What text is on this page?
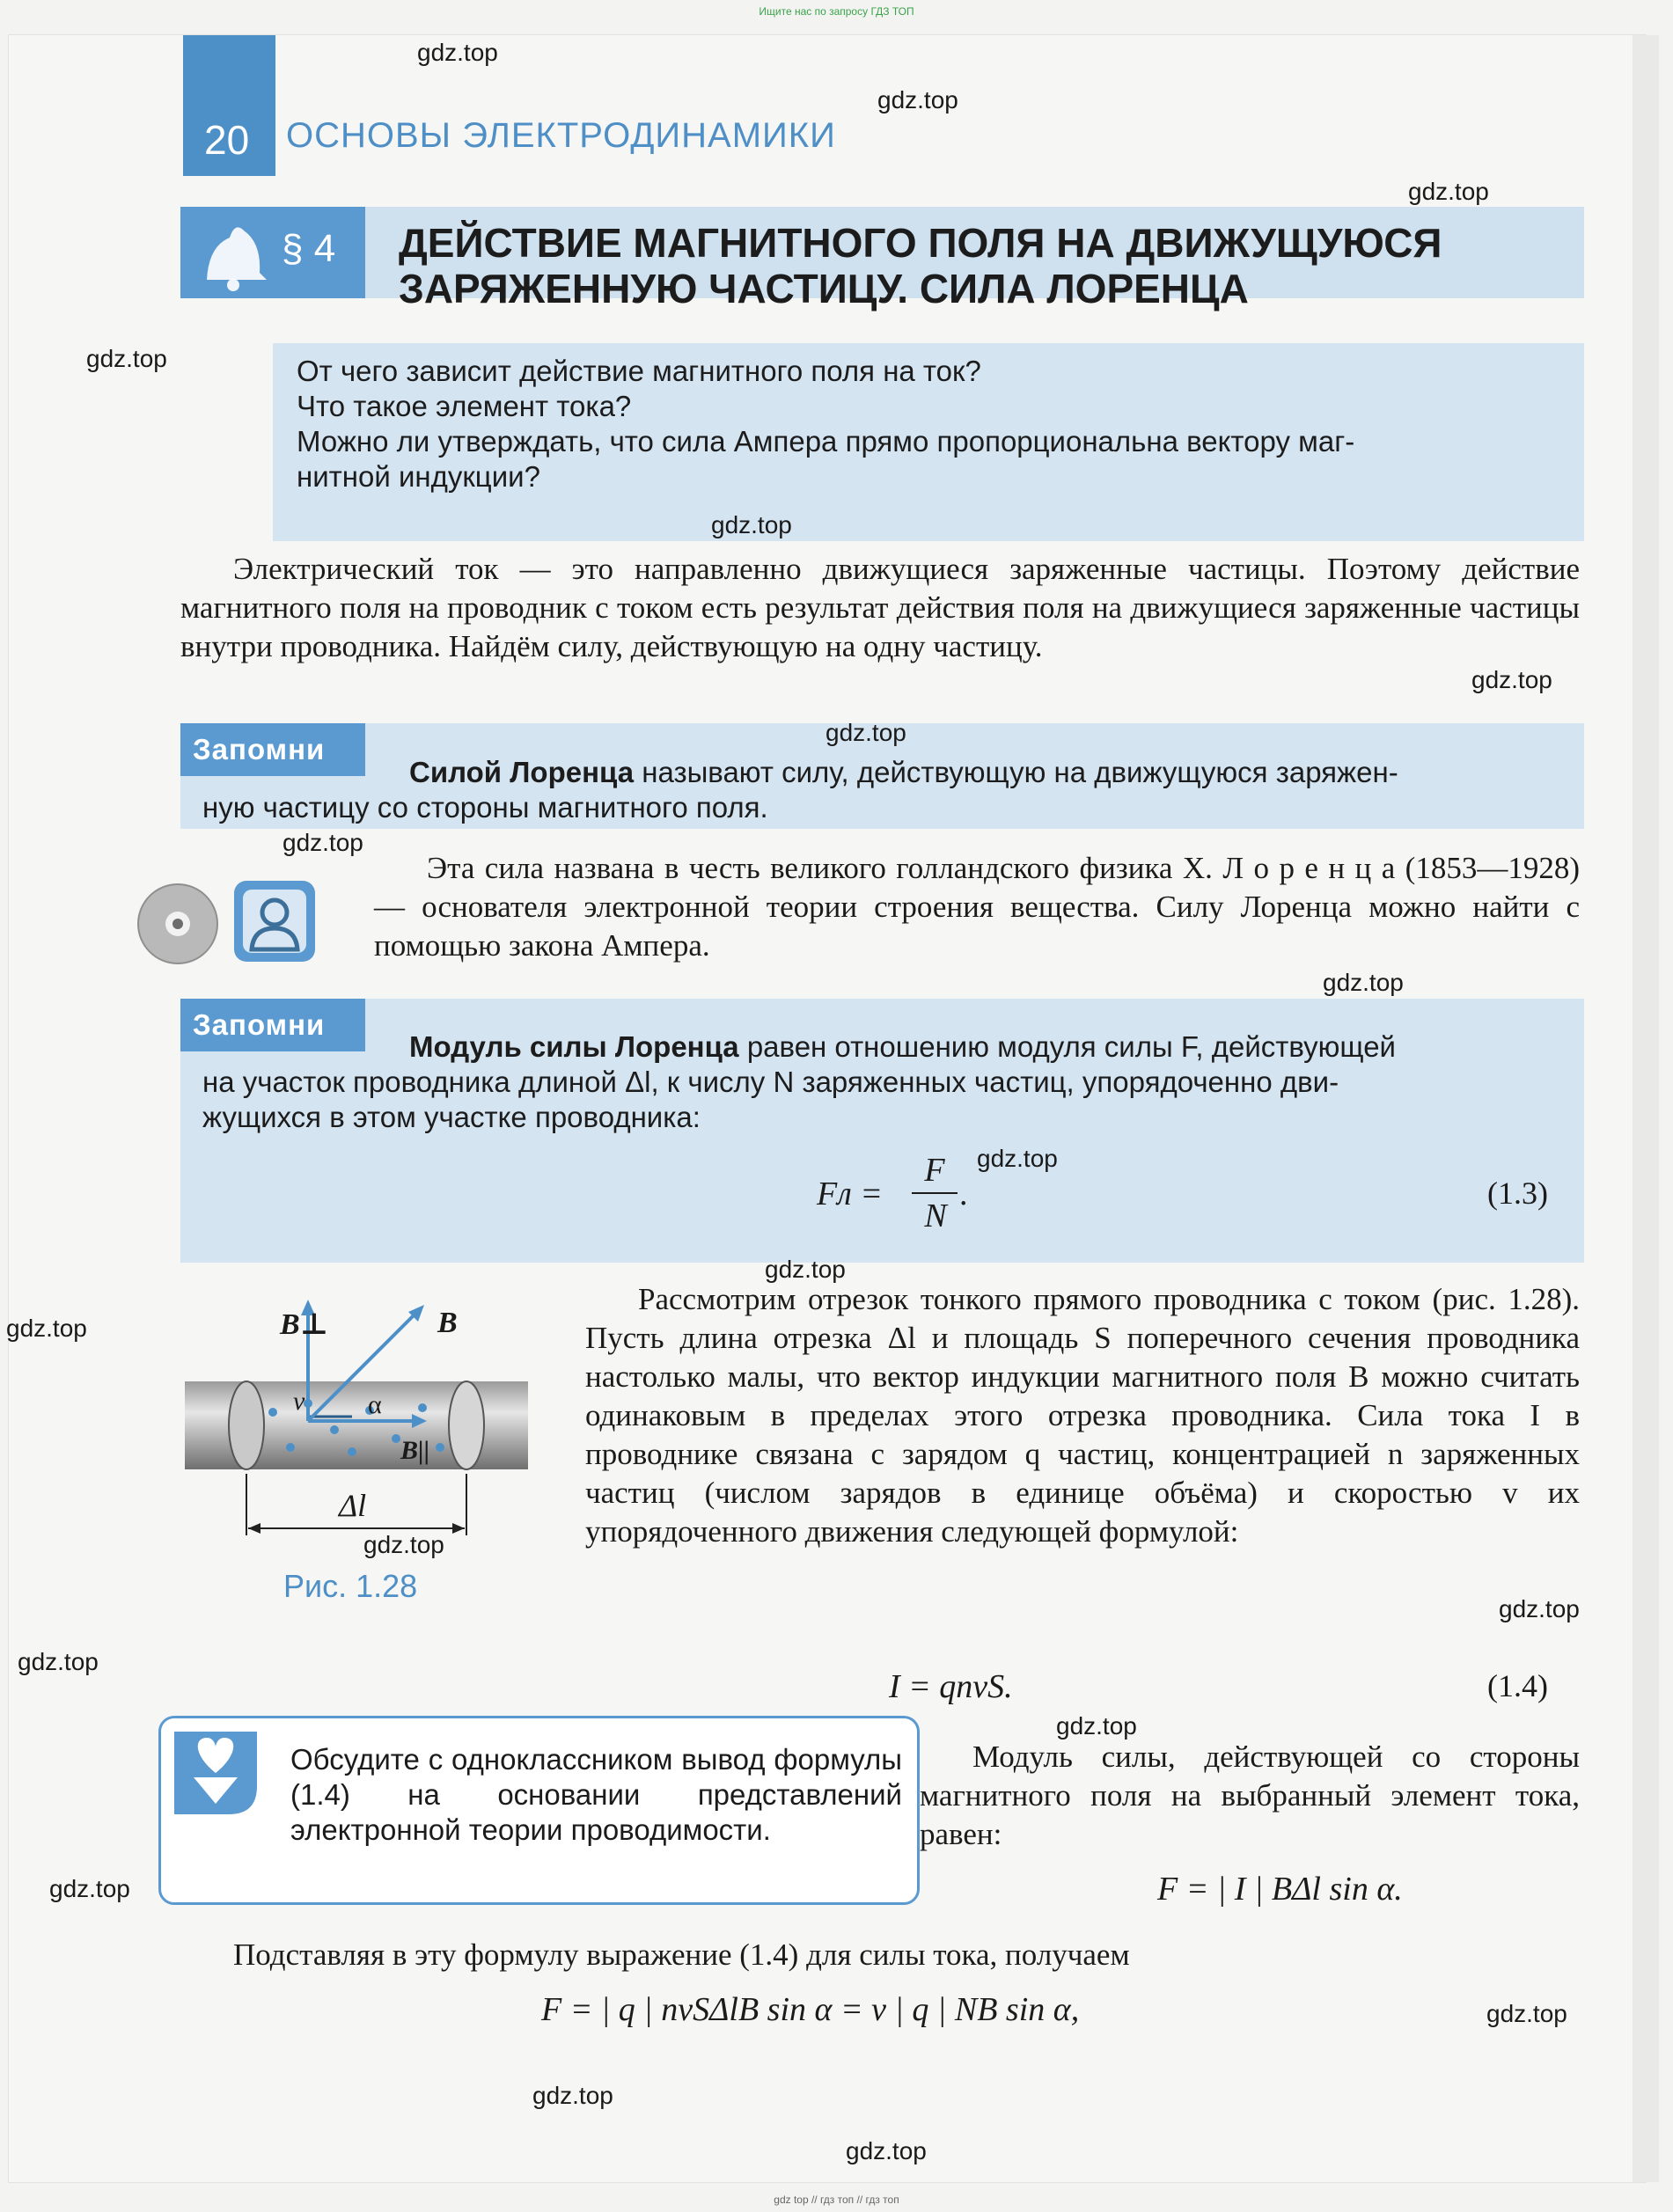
Ищите нас по запросу ГДЗ ТОП
20 ОСНОВЫ ЭЛЕКТРОДИНАМИКИ
§ 4 ДЕЙСТВИЕ МАГНИТНОГО ПОЛЯ НА ДВИЖУЩУЮСЯ
ЗАРЯЖЕННУЮ ЧАСТИЦУ. СИЛА ЛОРЕНЦА
От чего зависит действие магнитного поля на ток?
Что такое элемент тока?
Можно ли утверждать, что сила Ампера прямо пропорциональна вектору маг-
нитной индукции?
Электрический ток — это направленно движущиеся заряженные частицы. Поэтому действие магнитного поля на проводник с током есть результат действия поля на движущиеся заряженные частицы внутри проводника. Найдём силу, действующую на одну частицу.
Запомни
Силой Лоренца называют силу, действующую на движущуюся заряжен-
ную частицу со стороны магнитного поля.
Эта сила названа в честь великого голландского физика Х. Л о р е н ц а (1853—1928) — основателя электронной теории строения вещества. Силу Лоренца можно найти с помощью закона Ампера.
Запомни
Модуль силы Лоренца равен отношению модуля силы F, действующей
на участок проводника длиной Δl, к числу N заряженных частиц, упорядоченно дви-
жущихся в этом участке проводника:
Fл =
F
N
.	(1.3)
B⊥	B
v α
B||
Δl
Рис. 1.28
Рассмотрим отрезок тонкого прямого проводника с током (рис. 1.28). Пусть длина отрезка Δl и площадь S поперечного сечения проводника настолько малы, что вектор индукции магнитного поля B можно считать одинаковым в пределах этого отрезка проводника. Сила тока I в проводнике связана с зарядом q частиц, концентрацией n заряженных частиц (числом зарядов в единице объёма) и скоростью v их упорядоченного движения следующей формулой:
I = qnvS.	(1.4)
Обсудите с одноклассником вывод формулы (1.4) на основании представлений электронной теории проводимости.
Модуль силы, действующей со стороны магнитного поля на выбранный элемент тока, равен:
F = | I | BΔl sin α.
Подставляя в эту формулу выражение (1.4) для силы тока, получаем
F = | q | nvSΔlB sin α = v | q | NB sin α,
gdz.top
gdz.top
gdz.top
gdz.top
gdz.top
gdz.top
gdz.top
gdz.top
gdz.top
gdz.top
gdz.top
gdz.top
gdz.top
gdz.top
gdz.top
gdz.top
gdz.top
gdz.top
gdz.top
gdz.top
gdz top // гдз топ // гдз топ
